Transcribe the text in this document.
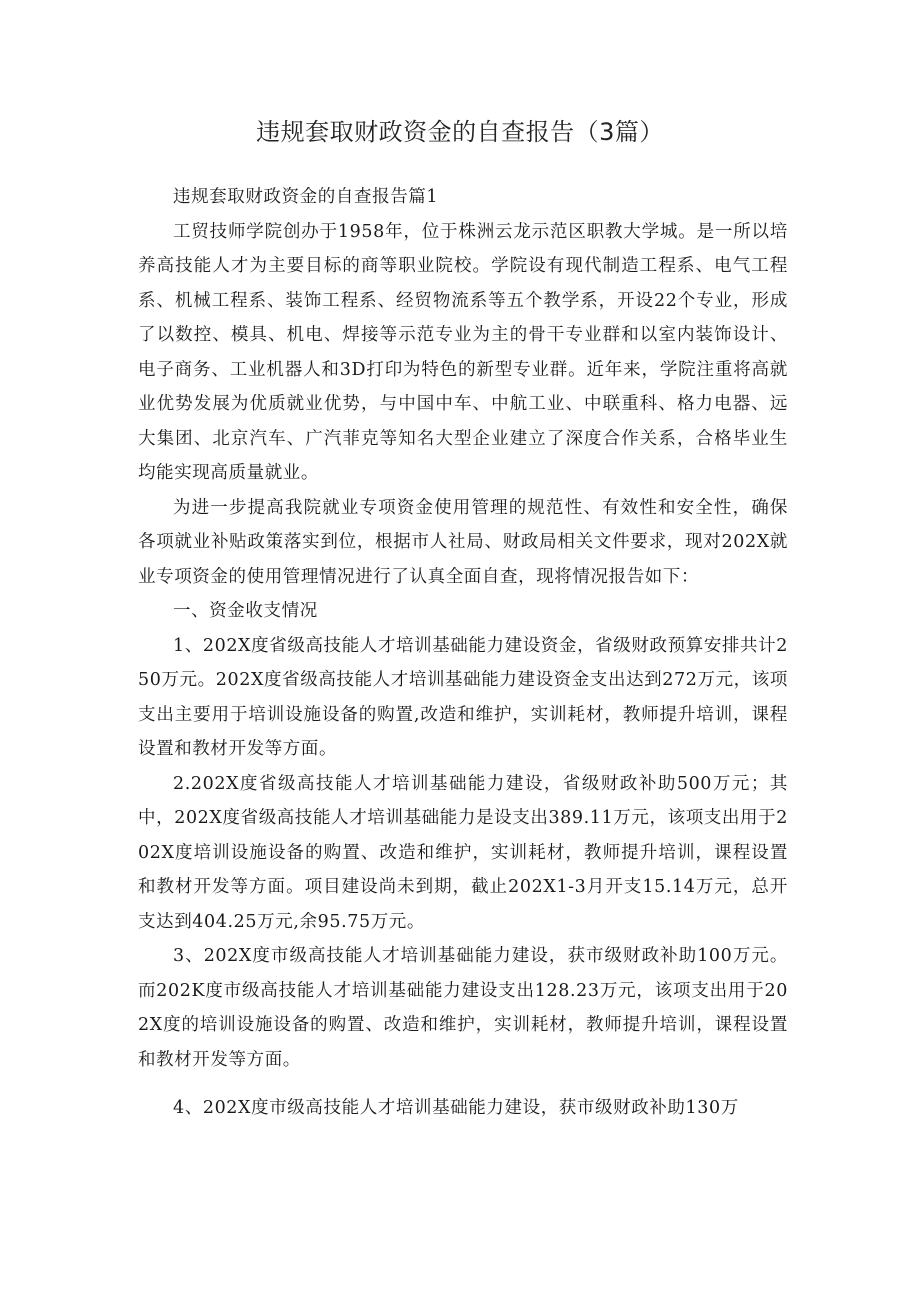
违规套取财政资金的自查报告（3篇）

违规套取财政资金的自查报告篇1

工贸技师学院创办于1958年，位于株洲云龙示范区职教大学城。是一所以培养高技能人才为主要目标的商等职业院校。学院设有现代制造工程系、电气工程系、机械工程系、装饰工程系、经贸物流系等五个教学系，开设22个专业，形成了以数控、模具、机电、焊接等示范专业为主的骨干专业群和以室内装饰设计、电子商务、工业机器人和3D打印为特色的新型专业群。近年来，学院注重将高就业优势发展为优质就业优势，与中国中车、中航工业、中联重科、格力电器、远大集团、北京汽车、广汽菲克等知名大型企业建立了深度合作关系，合格毕业生均能实现高质量就业。

为进一步提高我院就业专项资金使用管理的规范性、有效性和安全性，确保各项就业补贴政策落实到位，根据市人社局、财政局相关文件要求，现对202X就业专项资金的使用管理情况进行了认真全面自查，现将情况报告如下：

一、资金收支情况

1、202X度省级高技能人才培训基础能力建设资金，省级财政预算安排共计250万元。202X度省级高技能人才培训基础能力建设资金支出达到272万元，该项支出主要用于培训设施设备的购置,改造和维护，实训耗材，教师提升培训，课程设置和教材开发等方面。

2.202X度省级高技能人才培训基础能力建设，省级财政补助500万元；其中，202X度省级高技能人才培训基础能力是设支出389.11万元，该项支出用于202X度培训设施设备的购置、改造和维护，实训耗材，教师提升培训，课程设置和教材开发等方面。项目建设尚未到期，截止202X1-3月开支15.14万元，总开支达到404.25万元,余95.75万元。

3、202X度市级高技能人才培训基础能力建设，获市级财政补助100万元。而202K度市级高技能人才培训基础能力建设支出128.23万元，该项支出用于202X度的培训设施设备的购置、改造和维护，实训耗材，教师提升培训，课程设置和教材开发等方面。

4、202X度市级高技能人才培训基础能力建设，获市级财政补助130万
